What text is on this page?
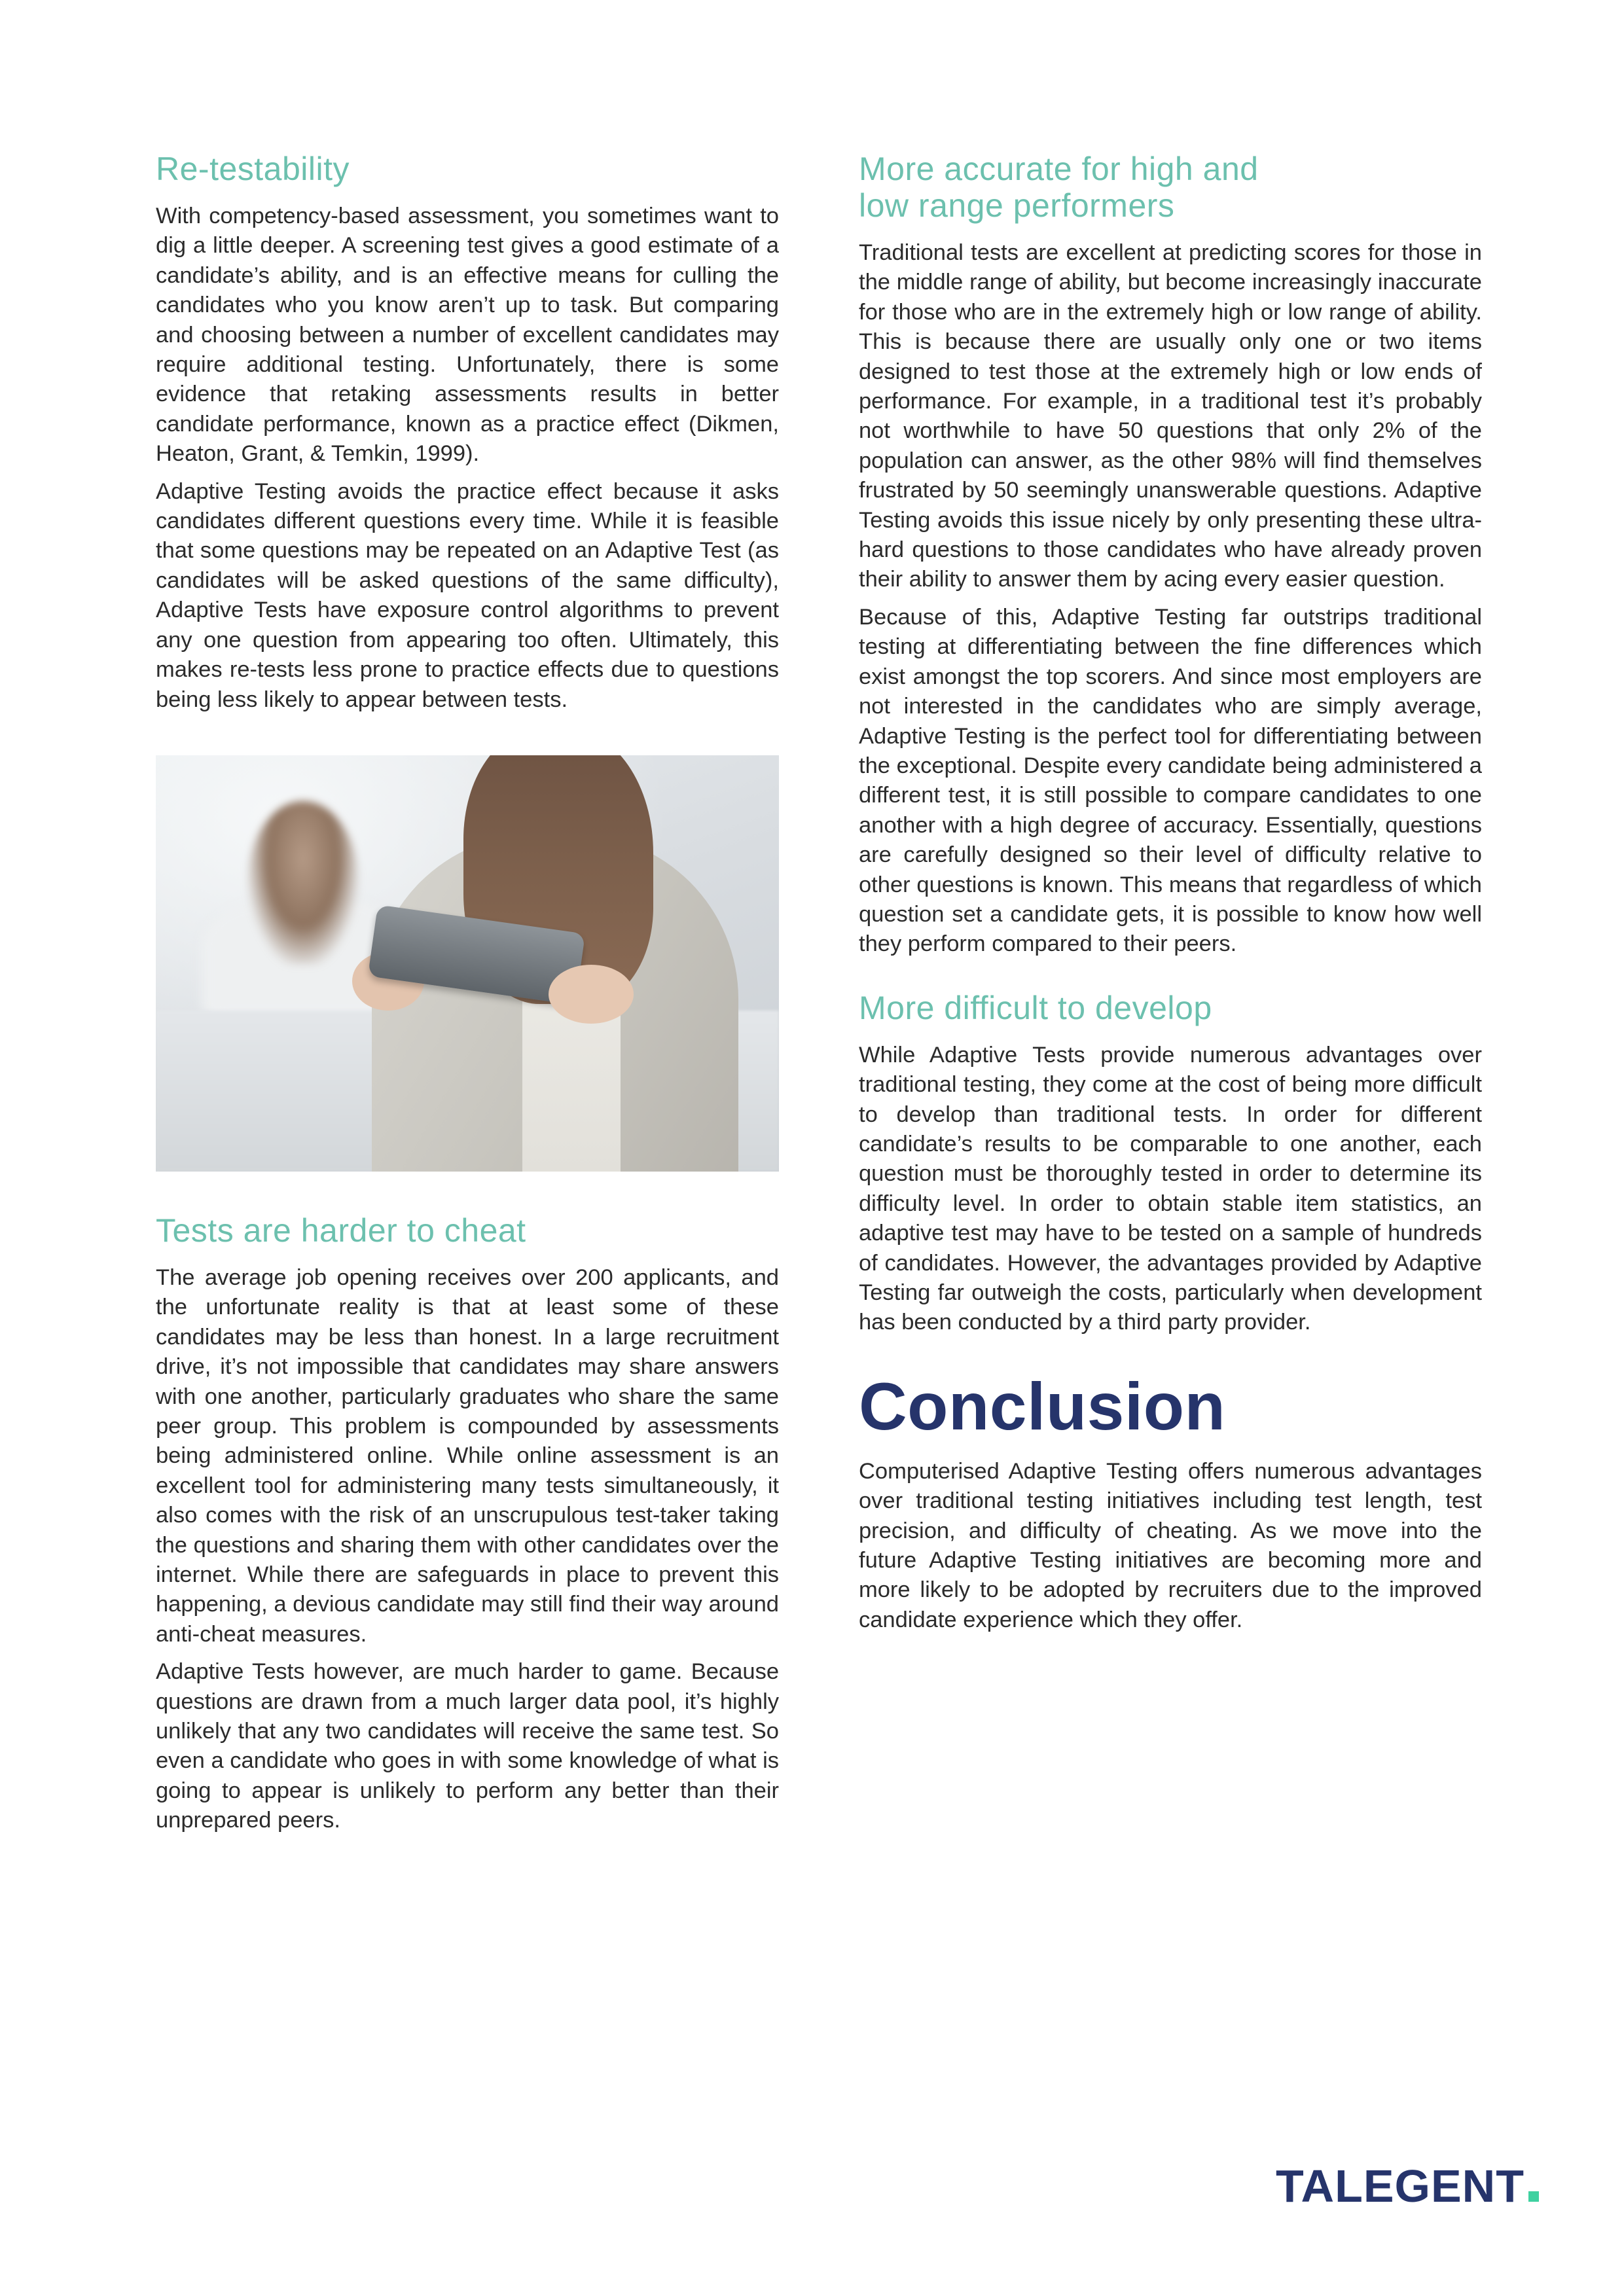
Re-testability

With competency-based assessment, you sometimes want to dig a little deeper. A screening test gives a good estimate of a candidate’s ability, and is an effective means for culling the candidates who you know aren’t up to task. But comparing and choosing between a number of excellent candidates may require additional testing. Unfortunately, there is some evidence that retaking assessments results in better candidate performance, known as a practice effect (Dikmen, Heaton, Grant, & Temkin, 1999).

Adaptive Testing avoids the practice effect because it asks candidates different questions every time. While it is feasible that some questions may be repeated on an Adaptive Test (as candidates will be asked questions of the same difficulty), Adaptive Tests have exposure control algorithms to prevent any one question from appearing too often. Ultimately, this makes re-tests less prone to practice effects due to questions being less likely to appear between tests.

Tests are harder to cheat

The average job opening receives over 200 applicants, and the unfortunate reality is that at least some of these candidates may be less than honest. In a large recruitment drive, it’s not impossible that candidates may share answers with one another, particularly graduates who share the same peer group. This problem is compounded by assessments being administered online. While online assessment is an excellent tool for administering many tests simultaneously, it also comes with the risk of an unscrupulous test-taker taking the questions and sharing them with other candidates over the internet. While there are safeguards in place to prevent this happening, a devious candidate may still find their way around anti-cheat measures.

Adaptive Tests however, are much harder to game. Because questions are drawn from a much larger data pool, it’s highly unlikely that any two candidates will receive the same test. So even a candidate who goes in with some knowledge of what is going to appear is unlikely to perform any better than their unprepared peers.

More accurate for high and
low range performers

Traditional tests are excellent at predicting scores for those in the middle range of ability, but become increasingly inaccurate for those who are in the extremely high or low range of ability. This is because there are usually only one or two items designed to test those at the extremely high or low ends of performance. For example, in a traditional test it’s probably not worthwhile to have 50 questions that only 2% of the population can answer, as the other 98% will find themselves frustrated by 50 seemingly unanswerable questions. Adaptive Testing avoids this issue nicely by only presenting these ultra-hard questions to those candidates who have already proven their ability to answer them by acing every easier question.

Because of this, Adaptive Testing far outstrips traditional testing at differentiating between the fine differences which exist amongst the top scorers. And since most employers are not interested in the candidates who are simply average, Adaptive Testing is the perfect tool for differentiating between the exceptional. Despite every candidate being administered a different test, it is still possible to compare candidates to one another with a high degree of accuracy. Essentially, questions are carefully designed so their level of difficulty relative to other questions is known. This means that regardless of which question set a candidate gets, it is possible to know how well they perform compared to their peers.

More difficult to develop

While Adaptive Tests provide numerous advantages over traditional testing, they come at the cost of being more difficult to develop than traditional tests. In order for different candidate’s results to be comparable to one another, each question must be thoroughly tested in order to determine its difficulty level. In order to obtain stable item statistics, an adaptive test may have to be tested on a sample of hundreds of candidates. However, the advantages provided by Adaptive Testing far outweigh the costs, particularly when development has been conducted by a third party provider.

Conclusion

Computerised Adaptive Testing offers numerous advantages over traditional testing initiatives including test length, test precision, and difficulty of cheating. As we move into the future Adaptive Testing initiatives are becoming more and more likely to be adopted by recruiters due to the improved candidate experience which they offer.

TALEGENT
